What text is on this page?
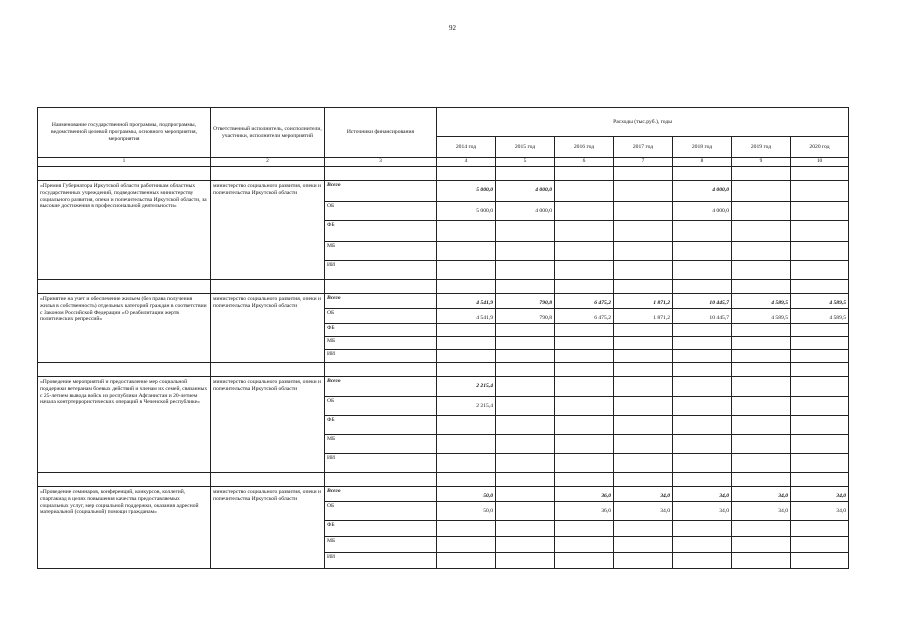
92
Наименование государственной программы, подпрограммы, ведомственной целевой программы, основного мероприятия, мероприятия	Ответственный исполнитель, соисполнители, участники, исполнители мероприятий	Источники финансирования	Расходы (тыс.руб.), годы						
			2014 год	2015 год	2016 год	2017 год	2018 год	2019 год	2020 год
1	2	3	4	5	6	7	8	9	10

«Премия Губернатора Иркутской области работникам областных государственных учреждений, подведомственных министерству социального развития, опеки и попечительства Иркутской области, за высокие достижения в профессиональной деятельности»	министерство социального развития, опеки и попечительства Иркутской области	Всего	5 000,0	4 000,0			4 000,0		
		ОБ	5 000,0	4 000,0			4 000,0		
		ФБ							
		МБ							
		ИИ							

«Принятие на учет и обеспечение жильем (без права получения жилья в собственность) отдельных категорий граждан в соответствии с Законом Российской Федерации «О реабилитации жертв политических репрессий»	министерство социального развития, опеки и попечительства Иркутской области	Всего	4 541,9	790,8	6 475,2	1 871,2	10 445,7	4 589,5	4 589,5
		ОБ	4 541,9	790,8	6 475,2	1 871,2	10 445,7	4 589,5	4 589,5
		ФБ							
		МБ							
		ИИ							

«Проведение мероприятий и предоставление мер социальной поддержки ветеранам боевых действий и членам их семей, связанных с 25-летием вывода войск из республики Афганистан и 20-летием начала контртеррористических операций в Чеченской республике»	министерство социального развития, опеки и попечительства Иркутской области	Всего	2 215,4						
		ОБ	2 215,4						
		ФБ							
		МБ							
		ИИ							

«Проведение семинаров, конференций, конкурсов, коллегий, спартакиад в целях повышения качества предоставляемых социальных услуг, мер социальной поддержки, оказания адресной материальной (социальной) помощи гражданам»	министерство социального развития, опеки и попечительства Иркутской области	Всего	50,0		36,0	34,0	34,0	34,0	34,0
		ОБ	50,0		36,0	34,0	34,0	34,0	34,0
		ФБ							
		МБ							
		ИИ							
